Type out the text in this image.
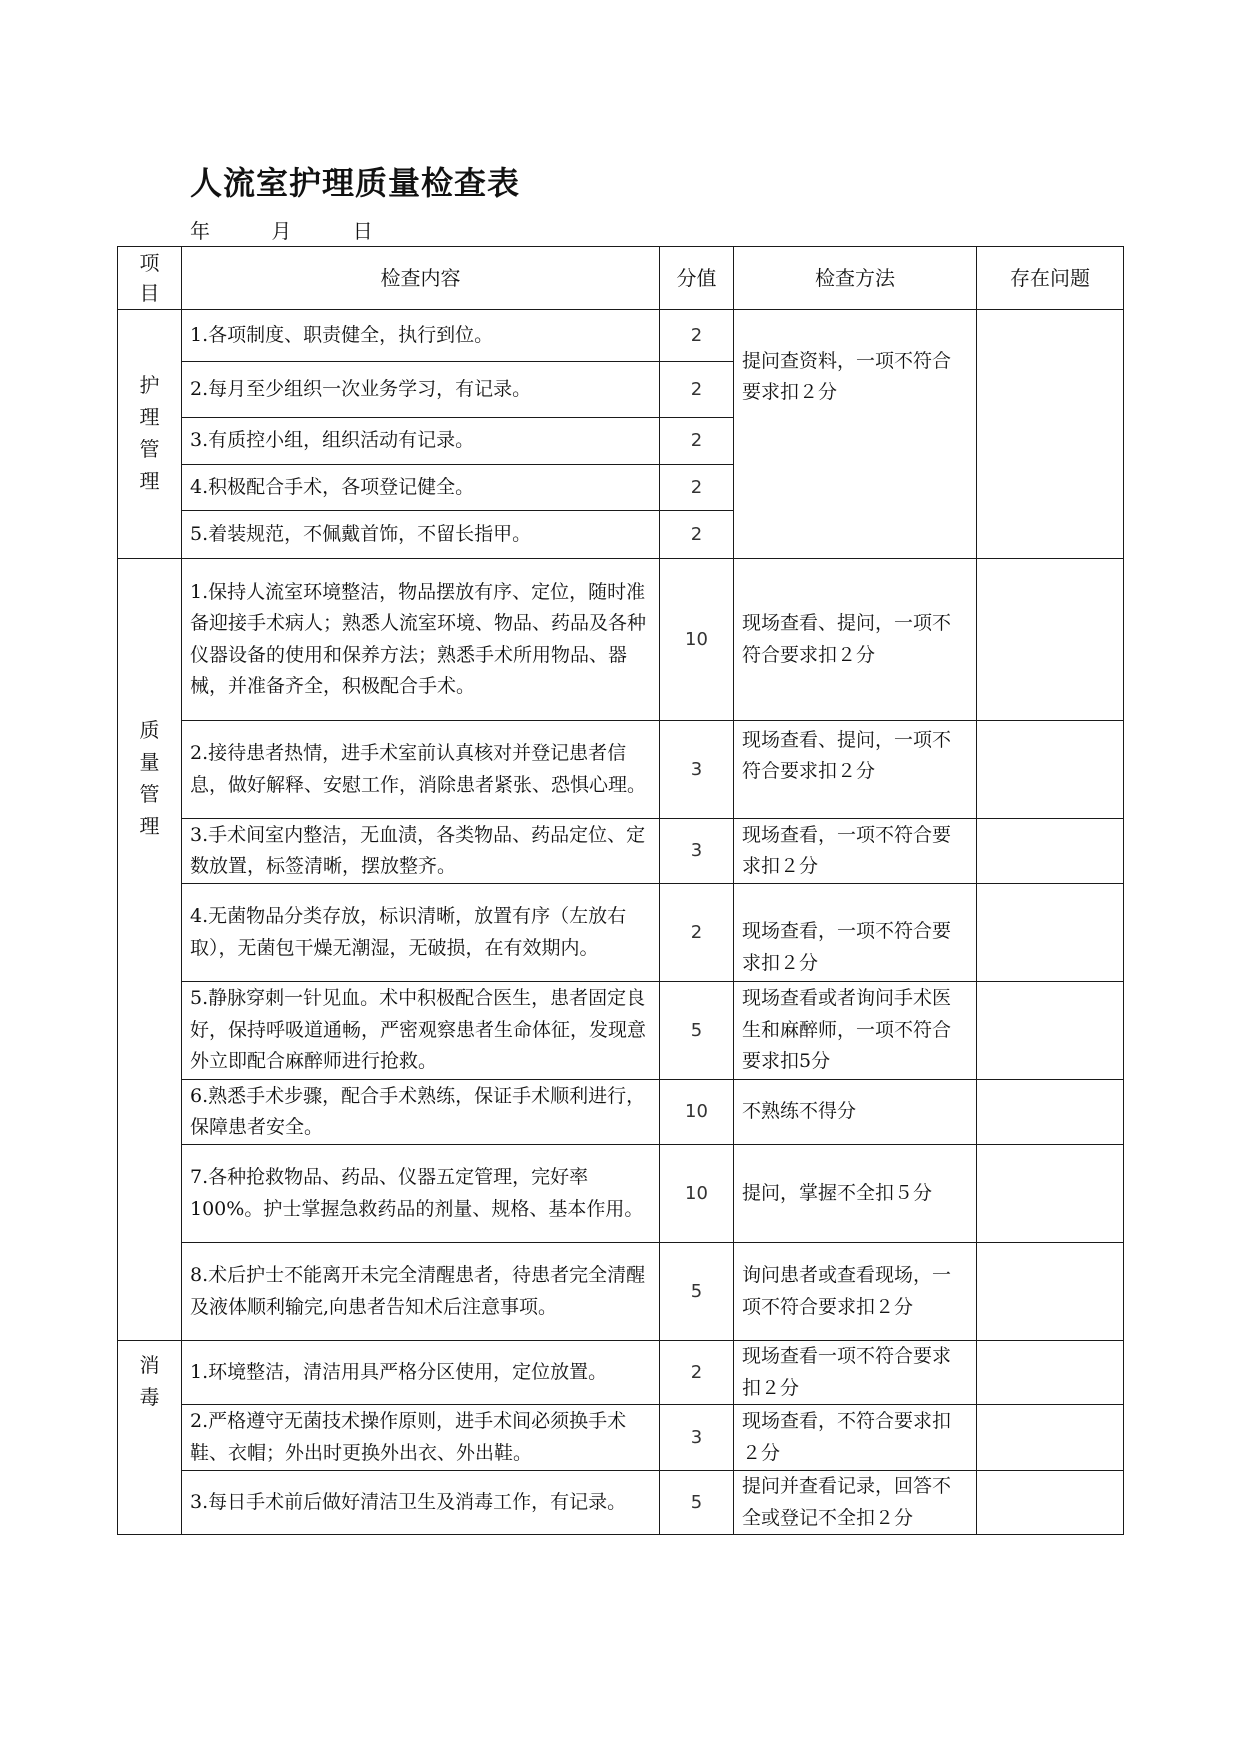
人流室护理质量检查表
年	月	日
项
目	检查内容	分值	检查方法	存在问题

护
理
管
理	1.各项制度、职责健全，执行到位。	2	提问查资料，一项不符合要求扣２分	
	2.每月至少组织一次业务学习，有记录。	2		
	3.有质控小组，组织活动有记录。	2		
	4.积极配合手术，各项登记健全。	2		
	5.着装规范，不佩戴首饰，不留长指甲。	2		

质
量
管
理	1.保持人流室环境整洁，物品摆放有序、定位，随时准备迎接手术病人；熟悉人流室环境、物品、药品及各种仪器设备的使用和保养方法；熟悉手术所用物品、器械，并准备齐全，积极配合手术。	10	现场查看、提问，一项不符合要求扣２分	
	2.接待患者热情，进手术室前认真核对并登记患者信息，做好解释、安慰工作，消除患者紧张、恐惧心理。	3	现场查看、提问，一项不符合要求扣２分	
	3.手术间室内整洁，无血渍，各类物品、药品定位、定数放置，标签清晰，摆放整齐。	3	现场查看，一项不符合要求扣２分	
	4.无菌物品分类存放，标识清晰，放置有序（左放右取），无菌包干燥无潮湿，无破损，在有效期内。	2	现场查看，一项不符合要求扣２分	
	5.静脉穿刺一针见血。术中积极配合医生，患者固定良好，保持呼吸道通畅，严密观察患者生命体征，发现意外立即配合麻醉师进行抢救。	5	现场查看或者询问手术医生和麻醉师，一项不符合要求扣5分	
	6.熟悉手术步骤，配合手术熟练，保证手术顺利进行，保障患者安全。	10	不熟练不得分	
	7.各种抢救物品、药品、仪器五定管理，完好率100%。护士掌握急救药品的剂量、规格、基本作用。	10	提问，掌握不全扣５分	
	8.术后护士不能离开未完全清醒患者，待患者完全清醒及液体顺利输完,向患者告知术后注意事项。	5	询问患者或查看现场，一项不符合要求扣２分	

消
毒	1.环境整洁，清洁用具严格分区使用，定位放置。	2	现场查看一项不符合要求扣２分	
	2.严格遵守无菌技术操作原则，进手术间必须换手术鞋、衣帽；外出时更换外出衣、外出鞋。	3	现场查看，不符合要求扣２分	
	3.每日手术前后做好清洁卫生及消毒工作，有记录。	5	提问并查看记录，回答不全或登记不全扣２分	
